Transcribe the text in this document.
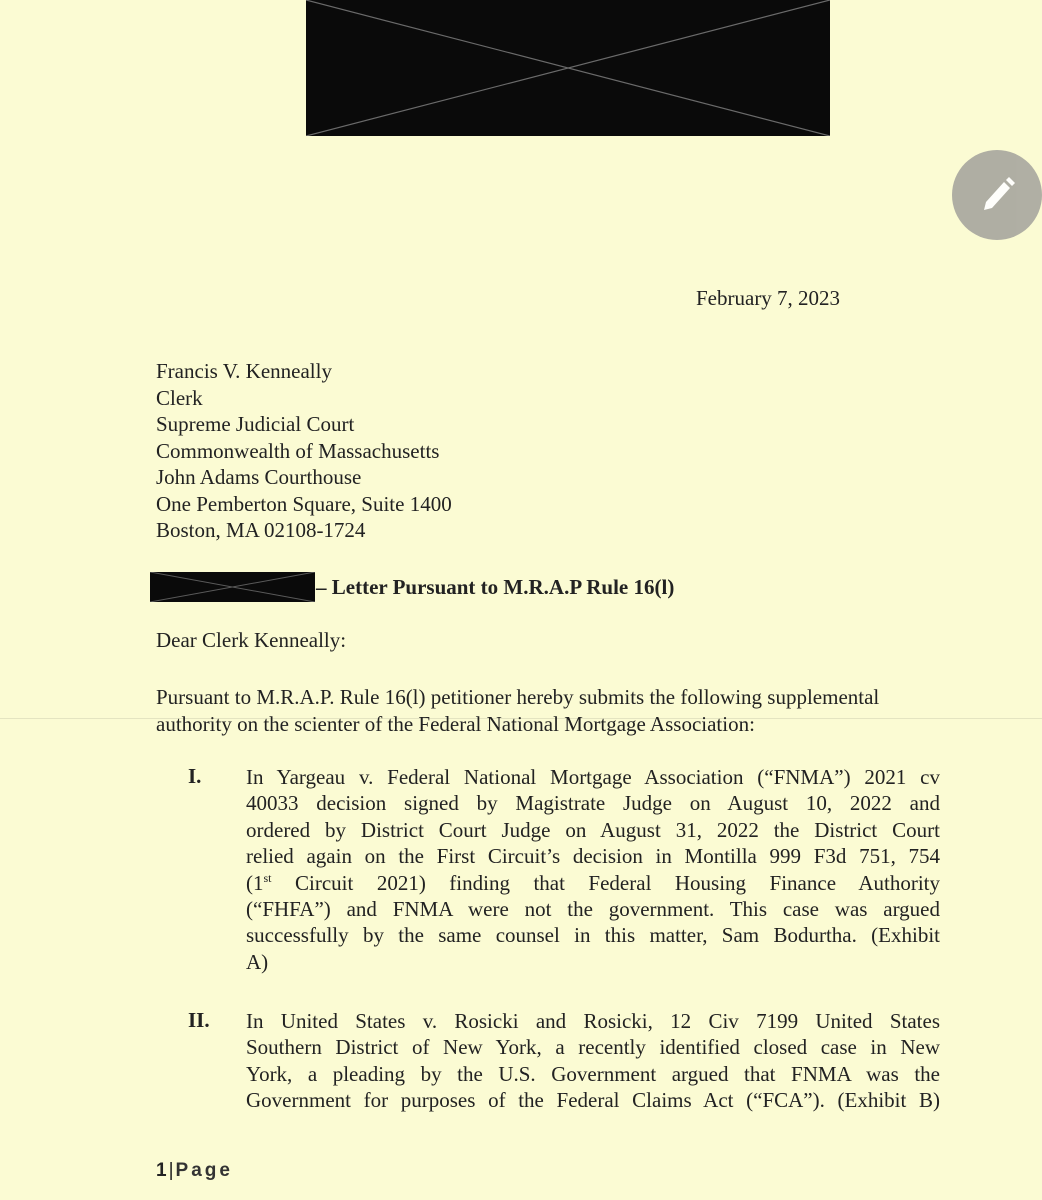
February 7, 2023
Francis V. Kenneally
Clerk
Supreme Judicial Court
Commonwealth of Massachusetts
John Adams Courthouse
One Pemberton Square, Suite 1400
Boston, MA 02108-1724
– Letter Pursuant to M.R.A.P Rule 16(l)
Dear Clerk Kenneally:
Pursuant to M.R.A.P. Rule 16(l) petitioner hereby submits the following supplemental
authority on the scienter of the Federal National Mortgage Association:
I.	In Yargeau v. Federal National Mortgage Association (“FNMA”) 2021 cv
40033 decision signed by Magistrate Judge on August 10, 2022 and
ordered by District Court Judge on August 31, 2022 the District Court
relied again on the First Circuit’s decision in Montilla 999 F3d 751, 754
(1st Circuit 2021) finding that Federal Housing Finance Authority
(“FHFA”) and FNMA were not the government. This case was argued
successfully by the same counsel in this matter, Sam Bodurtha. (Exhibit
A)
II.	In United States v. Rosicki and Rosicki, 12 Civ 7199 United States
Southern District of New York, a recently identified closed case in New
York, a pleading by the U.S. Government argued that FNMA was the
Government for purposes of the Federal Claims Act (“FCA”). (Exhibit B)
1 | Page
